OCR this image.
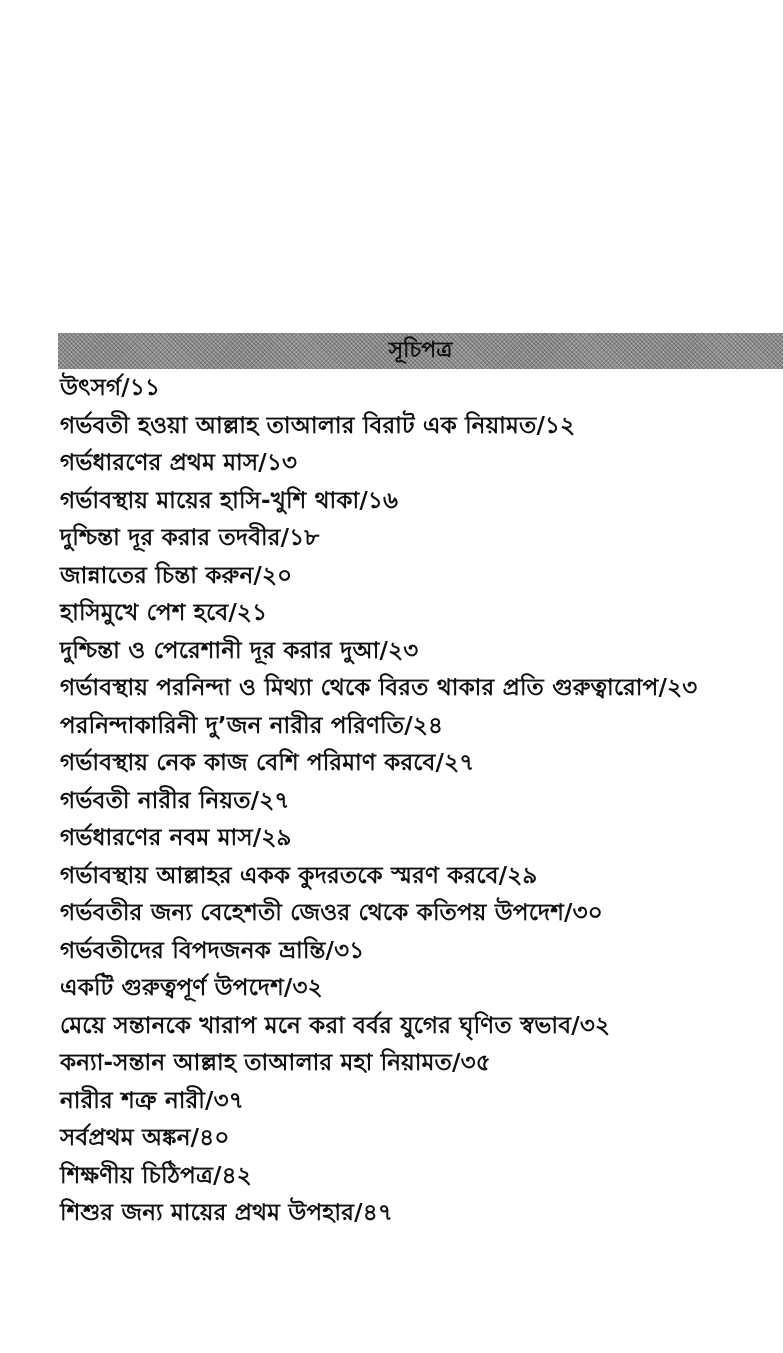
সূচিপত্র
উৎসর্গ/১১
গর্ভবতী হওয়া আল্লাহ তাআলার বিরাট এক নিয়ামত/১২
গর্ভধারণের প্রথম মাস/১৩
গর্ভাবস্থায় মায়ের হাসি-খুশি থাকা/১৬
দুশ্চিন্তা দূর করার তদবীর/১৮
জান্নাতের চিন্তা করুন/২০
হাসিমুখে পেশ হবে/২১
দুশ্চিন্তা ও পেরেশানী দূর করার দুআ/২৩
গর্ভাবস্থায় পরনিন্দা ও মিথ্যা থেকে বিরত থাকার প্রতি গুরুত্বারোপ/২৩
পরনিন্দাকারিনী দু’জন নারীর পরিণতি/২৪
গর্ভাবস্থায় নেক কাজ বেশি পরিমাণ করবে/২৭
গর্ভবতী নারীর নিয়ত/২৭
গর্ভধারণের নবম মাস/২৯
গর্ভাবস্থায় আল্লাহর একক কুদরতকে স্মরণ করবে/২৯
গর্ভবতীর জন্য বেহেশতী জেওর থেকে কতিপয় উপদেশ/৩০
গর্ভবতীদের বিপদজনক ভ্রান্তি/৩১
একটি গুরুত্বপূর্ণ উপদেশ/৩২
মেয়ে সন্তানকে খারাপ মনে করা বর্বর যুগের ঘৃণিত স্বভাব/৩২
কন্যা-সন্তান আল্লাহ তাআলার মহা নিয়ামত/৩৫
নারীর শত্রু নারী/৩৭
সর্বপ্রথম অঙ্কন/৪০
শিক্ষণীয় চিঠিপত্র/৪২
শিশুর জন্য মায়ের প্রথম উপহার/৪৭
